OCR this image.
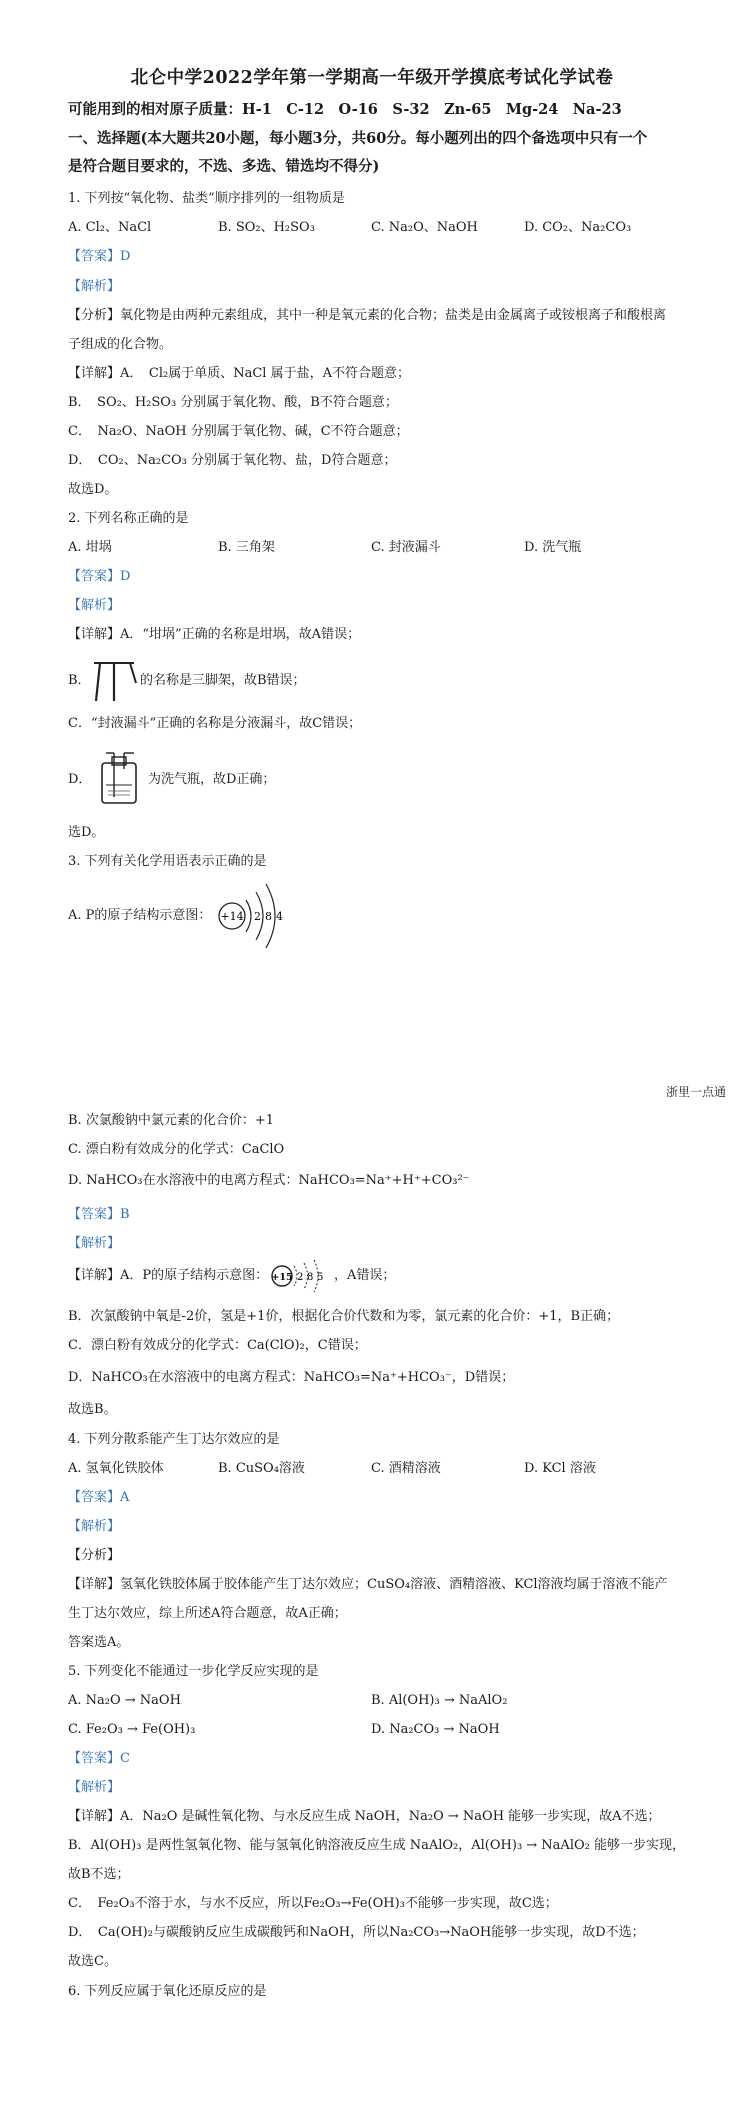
北仑中学2022学年第一学期高一年级开学摸底考试化学试卷
可能用到的相对原子质量：H-1　C-12　O-16　S-32　Zn-65　Mg-24　Na-23
一、选择题(本大题共20小题，每小题3分，共60分。每小题列出的四个备选项中只有一个
是符合题目要求的，不选、多选、错选均不得分)
1. 下列按“氧化物、盐类”顺序排列的一组物质是
A. Cl₂、NaCl	B. SO₂、H₂SO₃	C. Na₂O、NaOH	D. CO₂、Na₂CO₃
【答案】D
【解析】
【分析】氧化物是由两种元素组成，其中一种是氧元素的化合物；盐类是由金属离子或铵根离子和酸根离
子组成的化合物。
【详解】A．　Cl₂属于单质、NaCl 属于盐，A不符合题意；
B．　SO₂、H₂SO₃ 分别属于氧化物、酸，B不符合题意；
C．　Na₂O、NaOH 分别属于氧化物、碱，C不符合题意；
D．　CO₂、Na₂CO₃ 分别属于氧化物、盐，D符合题意；
故选D。
2. 下列名称正确的是
A. 坩埚	B. 三角架	C. 封液漏斗	D. 洗气瓶
【答案】D
【解析】
【详解】A．“坩埚”正确的名称是坩埚，故A错误；
B．	的名称是三脚架，故B错误；
C．“封液漏斗”正确的名称是分液漏斗，故C错误；
D．	为洗气瓶，故D正确；
选D。
3. 下列有关化学用语表示正确的是
A. P的原子结构示意图： +14 2 8 4
浙里一点通
B. 次氯酸钠中氯元素的化合价：+1
C. 漂白粉有效成分的化学式：CaClO
D. NaHCO₃在水溶液中的电离方程式：NaHCO₃=Na⁺+H⁺+CO₃²⁻
【答案】B
【解析】
【详解】A．P的原子结构示意图： +15 2 8 5 ，A错误；
B．次氯酸钠中氧是-2价，氢是+1价，根据化合价代数和为零，氯元素的化合价：+1，B正确；
C．漂白粉有效成分的化学式：Ca(ClO)₂，C错误；
D．NaHCO₃在水溶液中的电离方程式：NaHCO₃=Na⁺+HCO₃⁻，D错误；
故选B。
4. 下列分散系能产生丁达尔效应的是
A. 氢氧化铁胶体	B. CuSO₄溶液	C. 酒精溶液	D. KCl 溶液
【答案】A
【解析】
【分析】
【详解】氢氧化铁胶体属于胶体能产生丁达尔效应；CuSO₄溶液、酒精溶液、KCl溶液均属于溶液不能产
生丁达尔效应，综上所述A符合题意，故A正确；
答案选A。
5. 下列变化不能通过一步化学反应实现的是
A. Na₂O → NaOH	B. Al(OH)₃ → NaAlO₂
C. Fe₂O₃ → Fe(OH)₃	D. Na₂CO₃ → NaOH
【答案】C
【解析】
【详解】A．Na₂O 是碱性氧化物、与水反应生成 NaOH，Na₂O → NaOH 能够一步实现，故A不选；
B．Al(OH)₃ 是两性氢氧化物、能与氢氧化钠溶液反应生成 NaAlO₂，Al(OH)₃ → NaAlO₂ 能够一步实现，
故B不选；
C．　Fe₂O₃不溶于水，与水不反应，所以Fe₂O₃→Fe(OH)₃不能够一步实现，故C选；
D．　Ca(OH)₂与碳酸钠反应生成碳酸钙和NaOH，所以Na₂CO₃→NaOH能够一步实现，故D不选；
故选C。
6. 下列反应属于氧化还原反应的是
